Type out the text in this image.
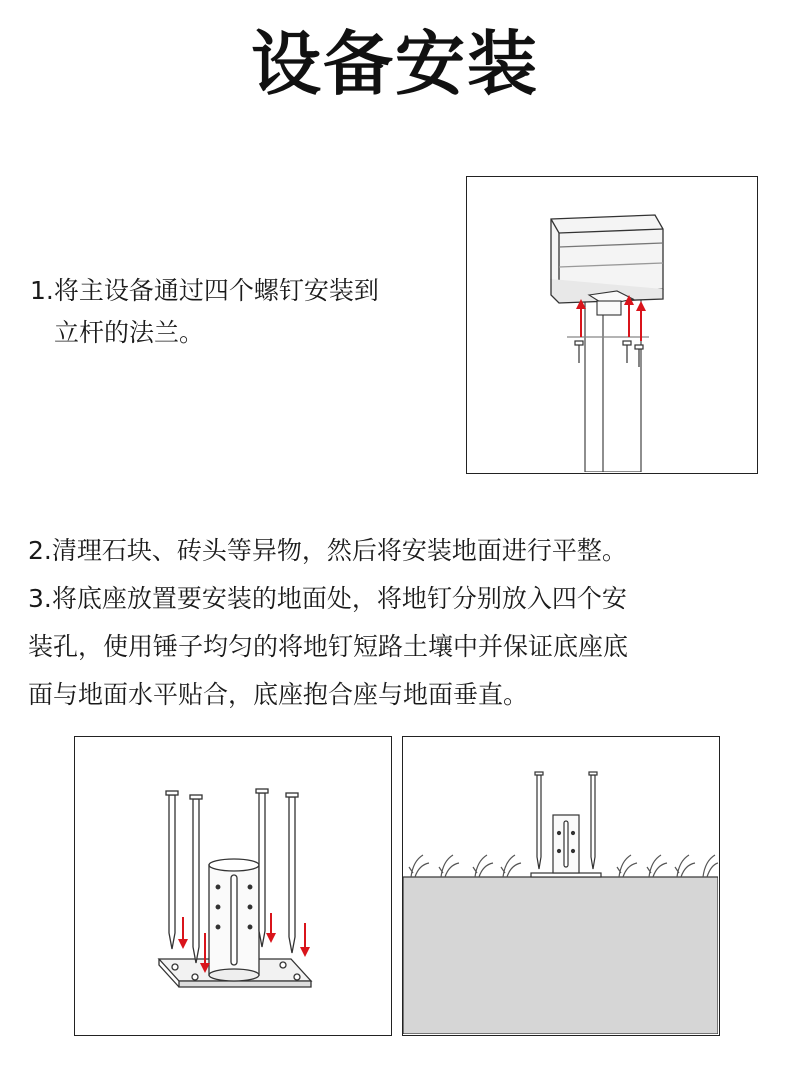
设备安装
1.将主设备通过四个螺钉安装到
立杆的法兰。
2.清理石块、砖头等异物，然后将安装地面进行平整。
3.将底座放置要安装的地面处，将地钉分别放入四个安
装孔，使用锤子均匀的将地钉短路土壤中并保证底座底
面与地面水平贴合，底座抱合座与地面垂直。
